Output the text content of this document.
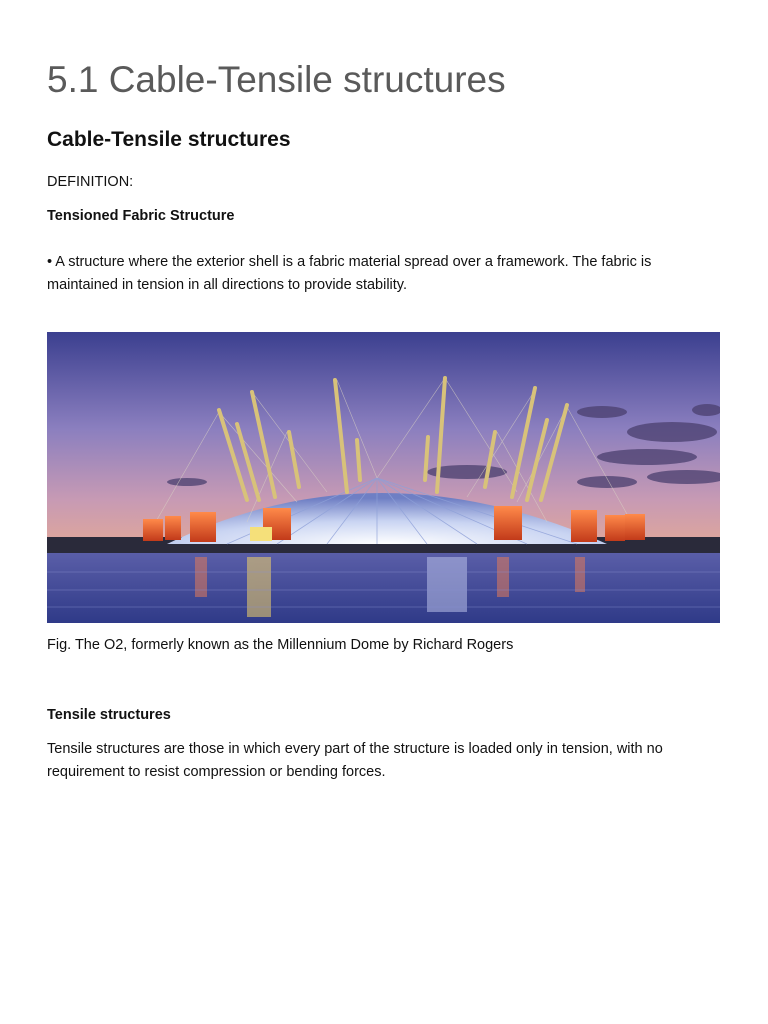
5.1 Cable-Tensile structures
Cable-Tensile structures

DEFINITION:

Tensioned Fabric Structure

• A structure where the exterior shell is a fabric material spread over a framework. The fabric is maintained in tension in all directions to provide stability.

Fig. The O2, formerly known as the Millennium Dome by Richard Rogers

Tensile structures

Tensile structures are those in which every part of the structure is loaded only in tension, with no requirement to resist compression or bending forces.
